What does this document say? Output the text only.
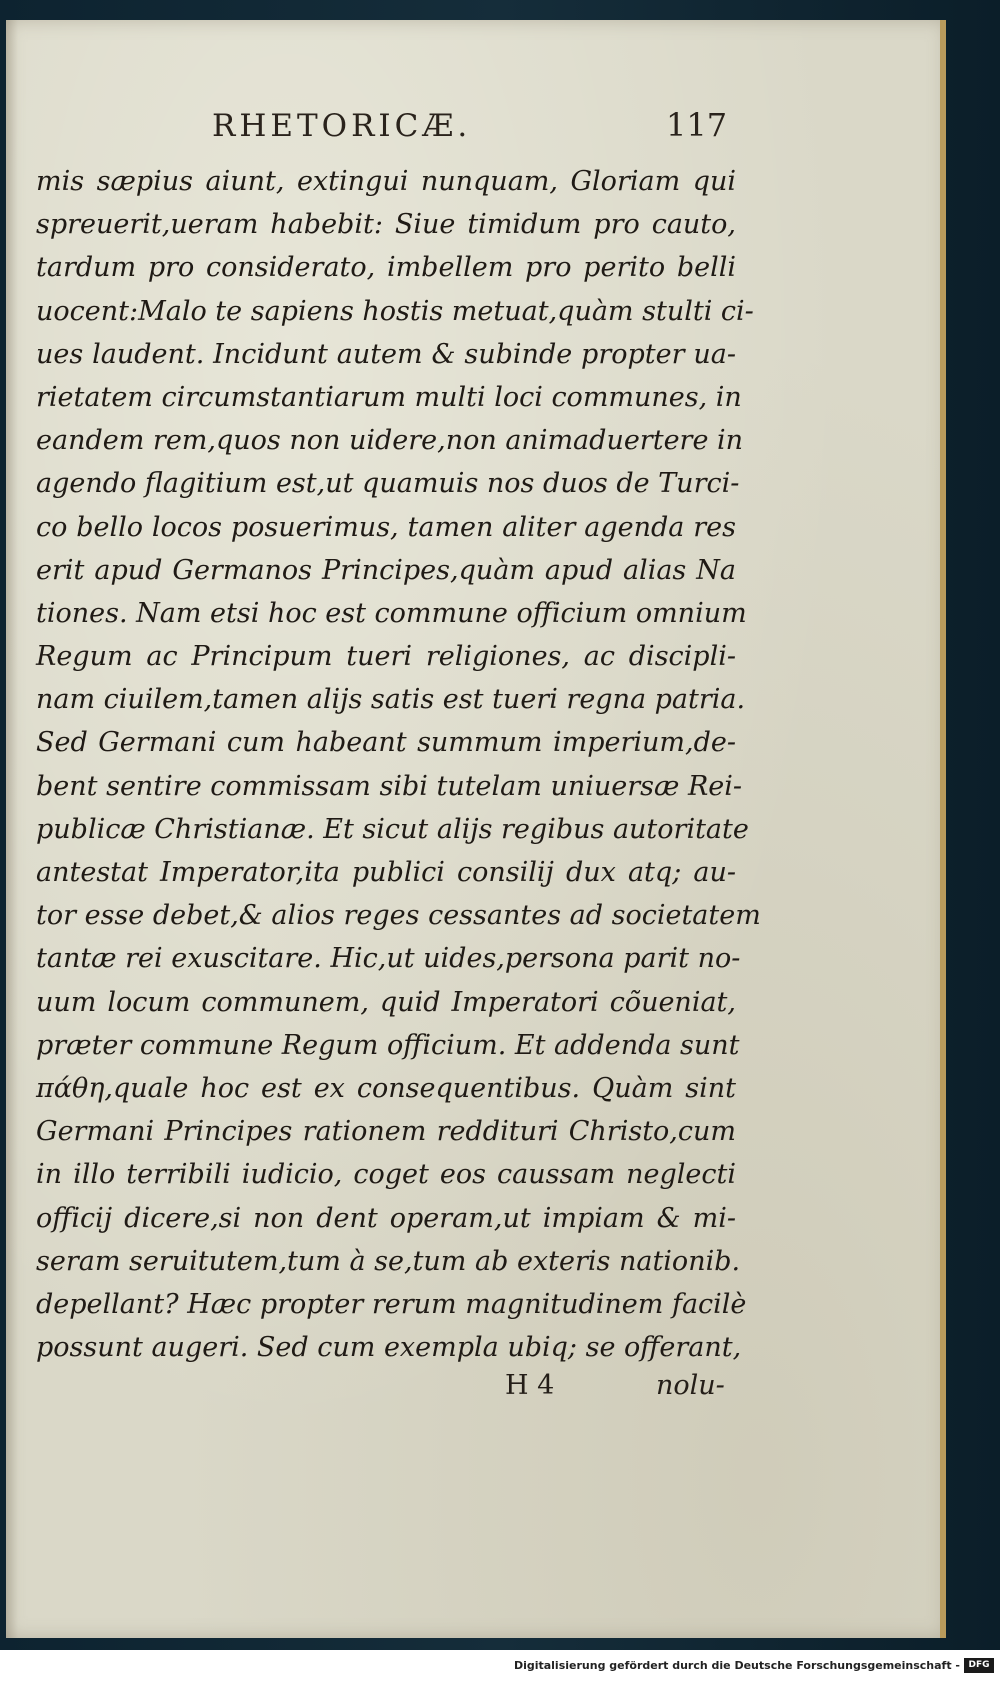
RHETORICÆ.	117
mis sæpius aiunt, extingui nunquam, Gloriam qui
spreuerit,ueram habebit: Siue timidum pro cauto,
tardum pro considerato, imbellem pro perito belli
uocent:Malo te sapiens hostis metuat,quàm stulti ci-
ues laudent. Incidunt autem & subinde propter ua-
rietatem circumstantiarum multi loci communes, in
eandem rem,quos non uidere,non animaduertere in
agendo flagitium est,ut quamuis nos duos de Turci-
co bello locos posuerimus, tamen aliter agenda res
erit apud Germanos Principes,quàm apud alias Na
tiones. Nam etsi hoc est commune officium omnium
Regum ac Principum tueri religiones, ac discipli-
nam ciuilem,tamen alijs satis est tueri regna patria.
Sed Germani cum habeant summum imperium,de-
bent sentire commissam sibi tutelam uniuersæ Rei-
publicæ Christianæ. Et sicut alijs regibus autoritate
antestat Imperator,ita publici consilij dux atq; au-
tor esse debet,& alios reges cessantes ad societatem
tantæ rei exuscitare. Hic,ut uides,persona parit no-
uum locum communem, quid Imperatori cõueniat,
præter commune Regum officium. Et addenda sunt
πάθη,quale hoc est ex consequentibus. Quàm sint
Germani Principes rationem reddituri Christo,cum
in illo terribili iudicio, coget eos caussam neglecti
officij dicere,si non dent operam,ut impiam & mi-
seram seruitutem,tum à se,tum ab exteris nationib.
depellant? Hæc propter rerum magnitudinem facilè
possunt augeri. Sed cum exempla ubiq; se offerant,
H 4	nolu-
Digitalisierung gefördert durch die Deutsche Forschungsgemeinschaft - DFG
